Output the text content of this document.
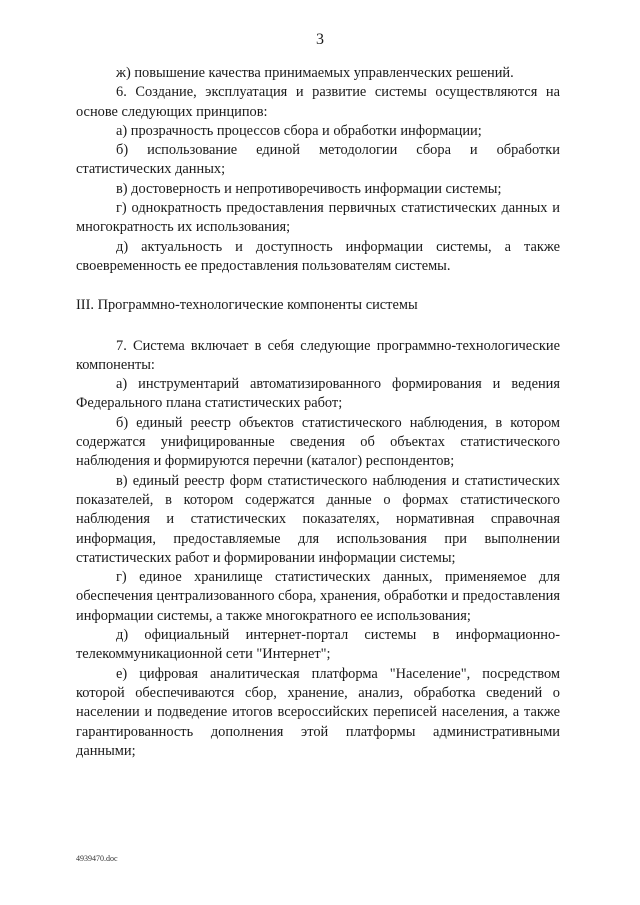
3

ж) повышение качества принимаемых управленческих решений.

6. Создание, эксплуатация и развитие системы осуществляются на основе следующих принципов:

а) прозрачность процессов сбора и обработки информации;

б) использование единой методологии сбора и обработки статистических данных;

в) достоверность и непротиворечивость информации системы;

г) однократность предоставления первичных статистических данных и многократность их использования;

д) актуальность и доступность информации системы, а также своевременность ее предоставления пользователям системы.

III. Программно-технологические компоненты системы

7. Система включает в себя следующие программно-технологические компоненты:

а) инструментарий автоматизированного формирования и ведения Федерального плана статистических работ;

б) единый реестр объектов статистического наблюдения, в котором содержатся унифицированные сведения об объектах статистического наблюдения и формируются перечни (каталог) респондентов;

в) единый реестр форм статистического наблюдения и статистических показателей, в котором содержатся данные о формах статистического наблюдения и статистических показателях, нормативная справочная информация, предоставляемые для использования при выполнении статистических работ и формировании информации системы;

г) единое хранилище статистических данных, применяемое для обеспечения централизованного сбора, хранения, обработки и предоставления информации системы, а также многократного ее использования;

д) официальный интернет-портал системы в информационно-телекоммуникационной сети "Интернет";

е) цифровая аналитическая платформа "Население", посредством которой обеспечиваются сбор, хранение, анализ, обработка сведений о населении и подведение итогов всероссийских переписей населения, а также гарантированность дополнения этой платформы административными данными;

4939470.doc
